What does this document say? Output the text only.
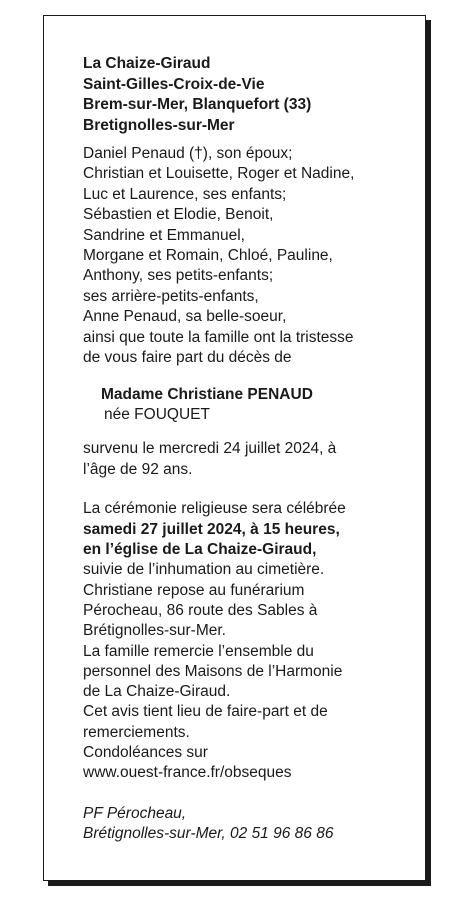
La Chaize-Giraud
Saint-Gilles-Croix-de-Vie
Brem-sur-Mer, Blanquefort (33)
Bretignolles-sur-Mer
Daniel Penaud (†), son époux;
Christian et Louisette, Roger et Nadine,
Luc et Laurence, ses enfants;
Sébastien et Elodie, Benoit,
Sandrine et Emmanuel,
Morgane et Romain, Chloé, Pauline,
Anthony, ses petits-enfants;
ses arrière-petits-enfants,
Anne Penaud, sa belle-soeur,
ainsi que toute la famille ont la tristesse
de vous faire part du décès de
Madame Christiane PENAUD
née FOUQUET
survenu le mercredi 24 juillet 2024, à
l’âge de 92 ans.
La cérémonie religieuse sera célébrée
samedi 27 juillet 2024, à 15 heures,
en l’église de La Chaize-Giraud,
suivie de l’inhumation au cimetière.
Christiane repose au funérarium
Pérocheau, 86 route des Sables à
Brétignolles-sur-Mer.
La famille remercie l’ensemble du
personnel des Maisons de l’Harmonie
de La Chaize-Giraud.
Cet avis tient lieu de faire-part et de
remerciements.
Condoléances sur
www.ouest-france.fr/obseques
PF Pérocheau,
Brétignolles-sur-Mer, 02 51 96 86 86
